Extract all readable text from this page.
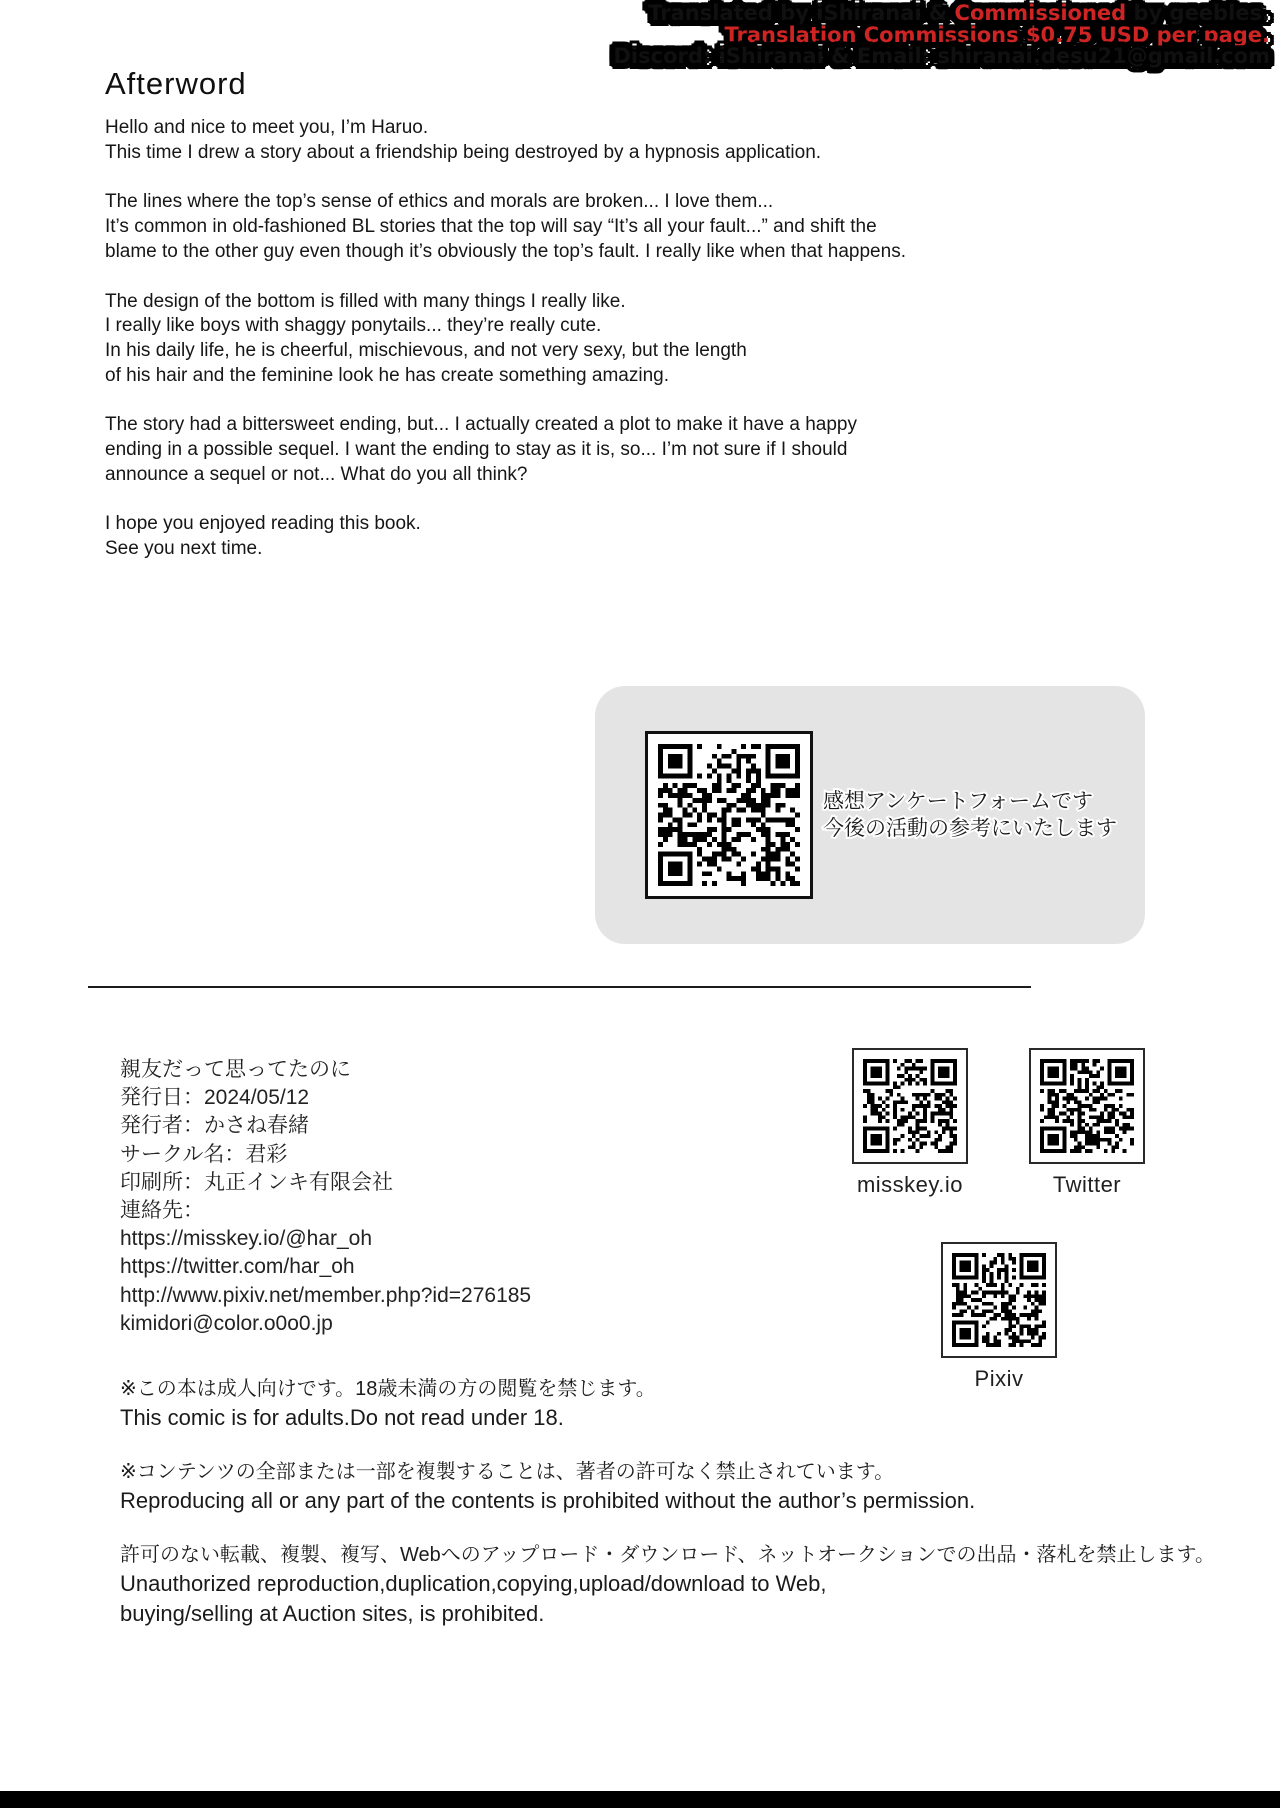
Translated by iShiranai & Commissioned by geebles.
Translation Commissions $0.75 USD per page.
Discord: iShiranai & Email: shiranai.desu21@gmail.com
Afterword
Hello and nice to meet you, I’m Haruo.
This time I drew a story about a friendship being destroyed by a hypnosis application.
The lines where the top’s sense of ethics and morals are broken... I love them...
It’s common in old-fashioned BL stories that the top will say “It’s all your fault...” and shift the
blame to the other guy even though it’s obviously the top’s fault. I really like when that happens.
The design of the bottom is filled with many things I really like.
I really like boys with shaggy ponytails... they’re really cute.
In his daily life, he is cheerful, mischievous, and not very sexy, but the length
of his hair and the feminine look he has create something amazing.
The story had a bittersweet ending, but... I actually created a plot to make it have a happy
ending in a possible sequel. I want the ending to stay as it is, so... I’m not sure if I should
announce a sequel or not... What do you all think?
I hope you enjoyed reading this book.
See you next time.
感想アンケートフォームです
今後の活動の参考にいたします
親友だって思ってたのに
発行日：2024/05/12
発行者：かさね春緒
サークル名：君彩
印刷所：丸正インキ有限会社
連絡先：
https://misskey.io/@har_oh
https://twitter.com/har_oh
http://www.pixiv.net/member.php?id=276185
kimidori@color.o0o0.jp
misskey.io	Twitter
Pixiv
※この本は成人向けです。18歳未満の方の閲覧を禁じます。
This comic is for adults.Do not read under 18.
※コンテンツの全部または一部を複製することは、著者の許可なく禁止されています。
Reproducing all or any part of the contents is prohibited without the author’s permission.
許可のない転載、複製、複写、Webへのアップロード・ダウンロード、ネットオークションでの出品・落札を禁止します。
Unauthorized reproduction,duplication,copying,upload/download to Web,
buying/selling at Auction sites, is prohibited.
